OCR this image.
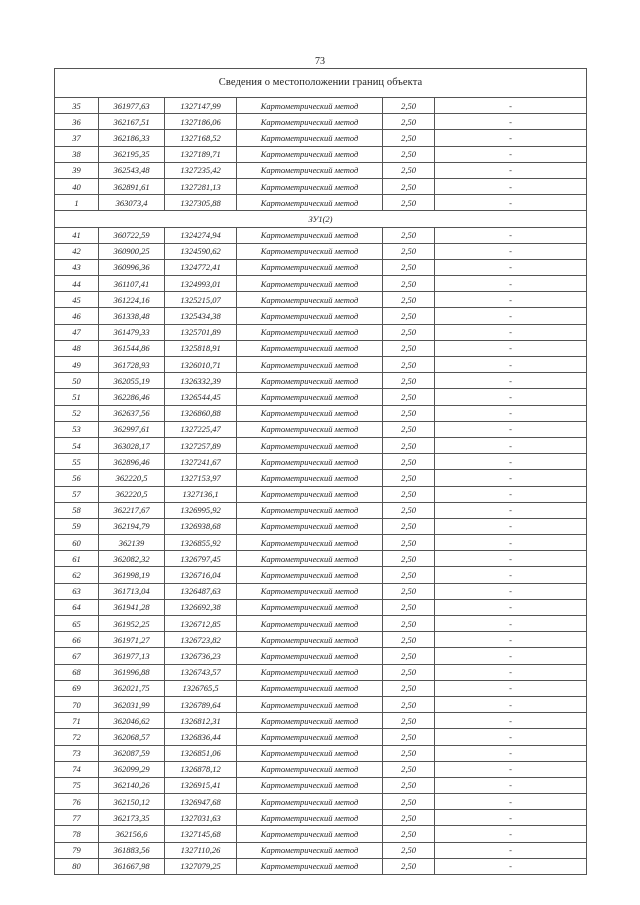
73
Сведения о местоположении границ объекта					
35	361977,63	1327147,99	Картометрический метод	2,50	-
36	362167,51	1327186,06	Картометрический метод	2,50	-
37	362186,33	1327168,52	Картометрический метод	2,50	-
38	362195,35	1327189,71	Картометрический метод	2,50	-
39	362543,48	1327235,42	Картометрический метод	2,50	-
40	362891,61	1327281,13	Картометрический метод	2,50	-
1	363073,4	1327305,88	Картометрический метод	2,50	-
ЗУ1(2)					
41	360722,59	1324274,94	Картометрический метод	2,50	-
42	360900,25	1324590,62	Картометрический метод	2,50	-
43	360996,36	1324772,41	Картометрический метод	2,50	-
44	361107,41	1324993,01	Картометрический метод	2,50	-
45	361224,16	1325215,07	Картометрический метод	2,50	-
46	361338,48	1325434,38	Картометрический метод	2,50	-
47	361479,33	1325701,89	Картометрический метод	2,50	-
48	361544,86	1325818,91	Картометрический метод	2,50	-
49	361728,93	1326010,71	Картометрический метод	2,50	-
50	362055,19	1326332,39	Картометрический метод	2,50	-
51	362286,46	1326544,45	Картометрический метод	2,50	-
52	362637,56	1326860,88	Картометрический метод	2,50	-
53	362997,61	1327225,47	Картометрический метод	2,50	-
54	363028,17	1327257,89	Картометрический метод	2,50	-
55	362896,46	1327241,67	Картометрический метод	2,50	-
56	362220,5	1327153,97	Картометрический метод	2,50	-
57	362220,5	1327136,1	Картометрический метод	2,50	-
58	362217,67	1326995,92	Картометрический метод	2,50	-
59	362194,79	1326938,68	Картометрический метод	2,50	-
60	362139	1326855,92	Картометрический метод	2,50	-
61	362082,32	1326797,45	Картометрический метод	2,50	-
62	361998,19	1326716,04	Картометрический метод	2,50	-
63	361713,04	1326487,63	Картометрический метод	2,50	-
64	361941,28	1326692,38	Картометрический метод	2,50	-
65	361952,25	1326712,85	Картометрический метод	2,50	-
66	361971,27	1326723,82	Картометрический метод	2,50	-
67	361977,13	1326736,23	Картометрический метод	2,50	-
68	361996,88	1326743,57	Картометрический метод	2,50	-
69	362021,75	1326765,5	Картометрический метод	2,50	-
70	362031,99	1326789,64	Картометрический метод	2,50	-
71	362046,62	1326812,31	Картометрический метод	2,50	-
72	362068,57	1326836,44	Картометрический метод	2,50	-
73	362087,59	1326851,06	Картометрический метод	2,50	-
74	362099,29	1326878,12	Картометрический метод	2,50	-
75	362140,26	1326915,41	Картометрический метод	2,50	-
76	362150,12	1326947,68	Картометрический метод	2,50	-
77	362173,35	1327031,63	Картометрический метод	2,50	-
78	362156,6	1327145,68	Картометрический метод	2,50	-
79	361883,56	1327110,26	Картометрический метод	2,50	-
80	361667,98	1327079,25	Картометрический метод	2,50	-
